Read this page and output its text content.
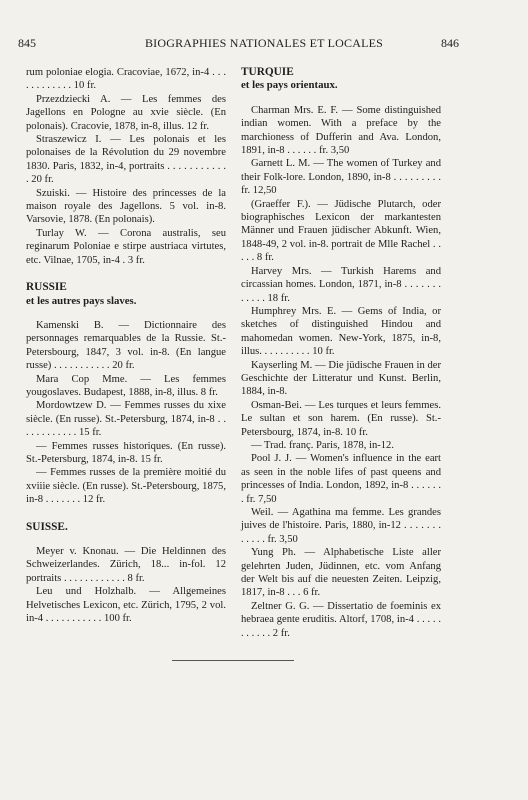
845	BIOGRAPHIES NATIONALES ET LOCALES	846

rum poloniae elogia. Cracoviae, 1672, in-4 . . . . . . . . . . . . 10 fr.

Przezdziecki A. — Les femmes des Jagellons en Pologne au xvie siècle. (En polonais). Cracovie, 1878, in-8, illus. 12 fr.

Straszewicz I. — Les polonais et les polonaises de la Révolution du 29 novembre 1830. Paris, 1832, in-4, portraits . . . . . . . . . . . . 20 fr.

Szuiski. — Histoire des princesses de la maison royale des Jagellons. 5 vol. in-8. Varsovie, 1878. (En polonais).

Turlay W. — Corona australis, seu reginarum Poloniae e stirpe austriaca virtutes, etc. Vilnae, 1705, in-4 . 3 fr.

RUSSIE

et les autres pays slaves.

Kamenski B. — Dictionnaire des personnages remarquables de la Russie. St.-Petersbourg, 1847, 3 vol. in-8. (En langue russe) . . . . . . . . . . . 20 fr.

Mara Cop Mme. — Les femmes yougoslaves. Budapest, 1888, in-8, illus. 8 fr.

Mordowtzew D. — Femmes russes du xixe siècle. (En russe). St.-Petersburg, 1874, in-8 . . . . . . . . . . . . 15 fr.

— Femmes russes historiques. (En russe). St.-Petersburg, 1874, in-8. 15 fr.

— Femmes russes de la première moitié du xviiie siècle. (En russe). St.-Petersbourg, 1875, in-8 . . . . . . . 12 fr.

SUISSE.

Meyer v. Knonau. — Die Heldinnen des Schweizerlandes. Zürich, 18... in-fol. 12 portraits . . . . . . . . . . . . 8 fr.

Leu und Holzhalb. — Allgemeines Helvetisches Lexicon, etc. Zürich, 1795, 2 vol. in-4 . . . . . . . . . . . 100 fr.

TURQUIE

et les pays orientaux.

Charman Mrs. E. F. — Some distinguished indian women. With a preface by the marchioness of Dufferin and Ava. London, 1891, in-8 . . . . . . fr. 3,50

Garnett L. M. — The women of Turkey and their Folk-lore. London, 1890, in-8 . . . . . . . . . fr. 12,50

(Graeffer F.). — Jüdische Plutarch, oder biographisches Lexicon der markantesten Männer und Frauen jüdischer Abkunft. Wien, 1848-49, 2 vol. in-8. portrait de Mlle Rachel . . . . . 8 fr.

Harvey Mrs. — Turkish Harems and circassian homes. London, 1871, in-8 . . . . . . . . . . . . 18 fr.

Humphrey Mrs. E. — Gems of India, or sketches of distinguished Hindou and mahomedan women. New-York, 1875, in-8, illus. . . . . . . . . . 10 fr.

Kayserling M. — Die jüdische Frauen in der Geschichte der Litteratur und Kunst. Berlin, 1884, in-8.

Osman-Bei. — Les turques et leurs femmes. Le sultan et son harem. (En russe). St.-Petersbourg, 1874, in-8. 10 fr.

— Trad. franç. Paris, 1878, in-12.

Pool J. J. — Women's influence in the eart as seen in the noble lifes of past queens and princesses of India. London, 1892, in-8 . . . . . . . fr. 7,50

Weil. — Agathina ma femme. Les grandes juives de l'histoire. Paris, 1880, in-12 . . . . . . . . . . . . fr. 3,50

Yung Ph. — Alphabetische Liste aller gelehrten Juden, Jüdinnen, etc. vom Anfang der Welt bis auf die neuesten Zeiten. Leipzig, 1817, in-8 . . . 6 fr.

Zeltner G. G. — Dissertatio de foeminis ex hebraea gente eruditis. Altorf, 1708, in-4 . . . . . . . . . . . 2 fr.
